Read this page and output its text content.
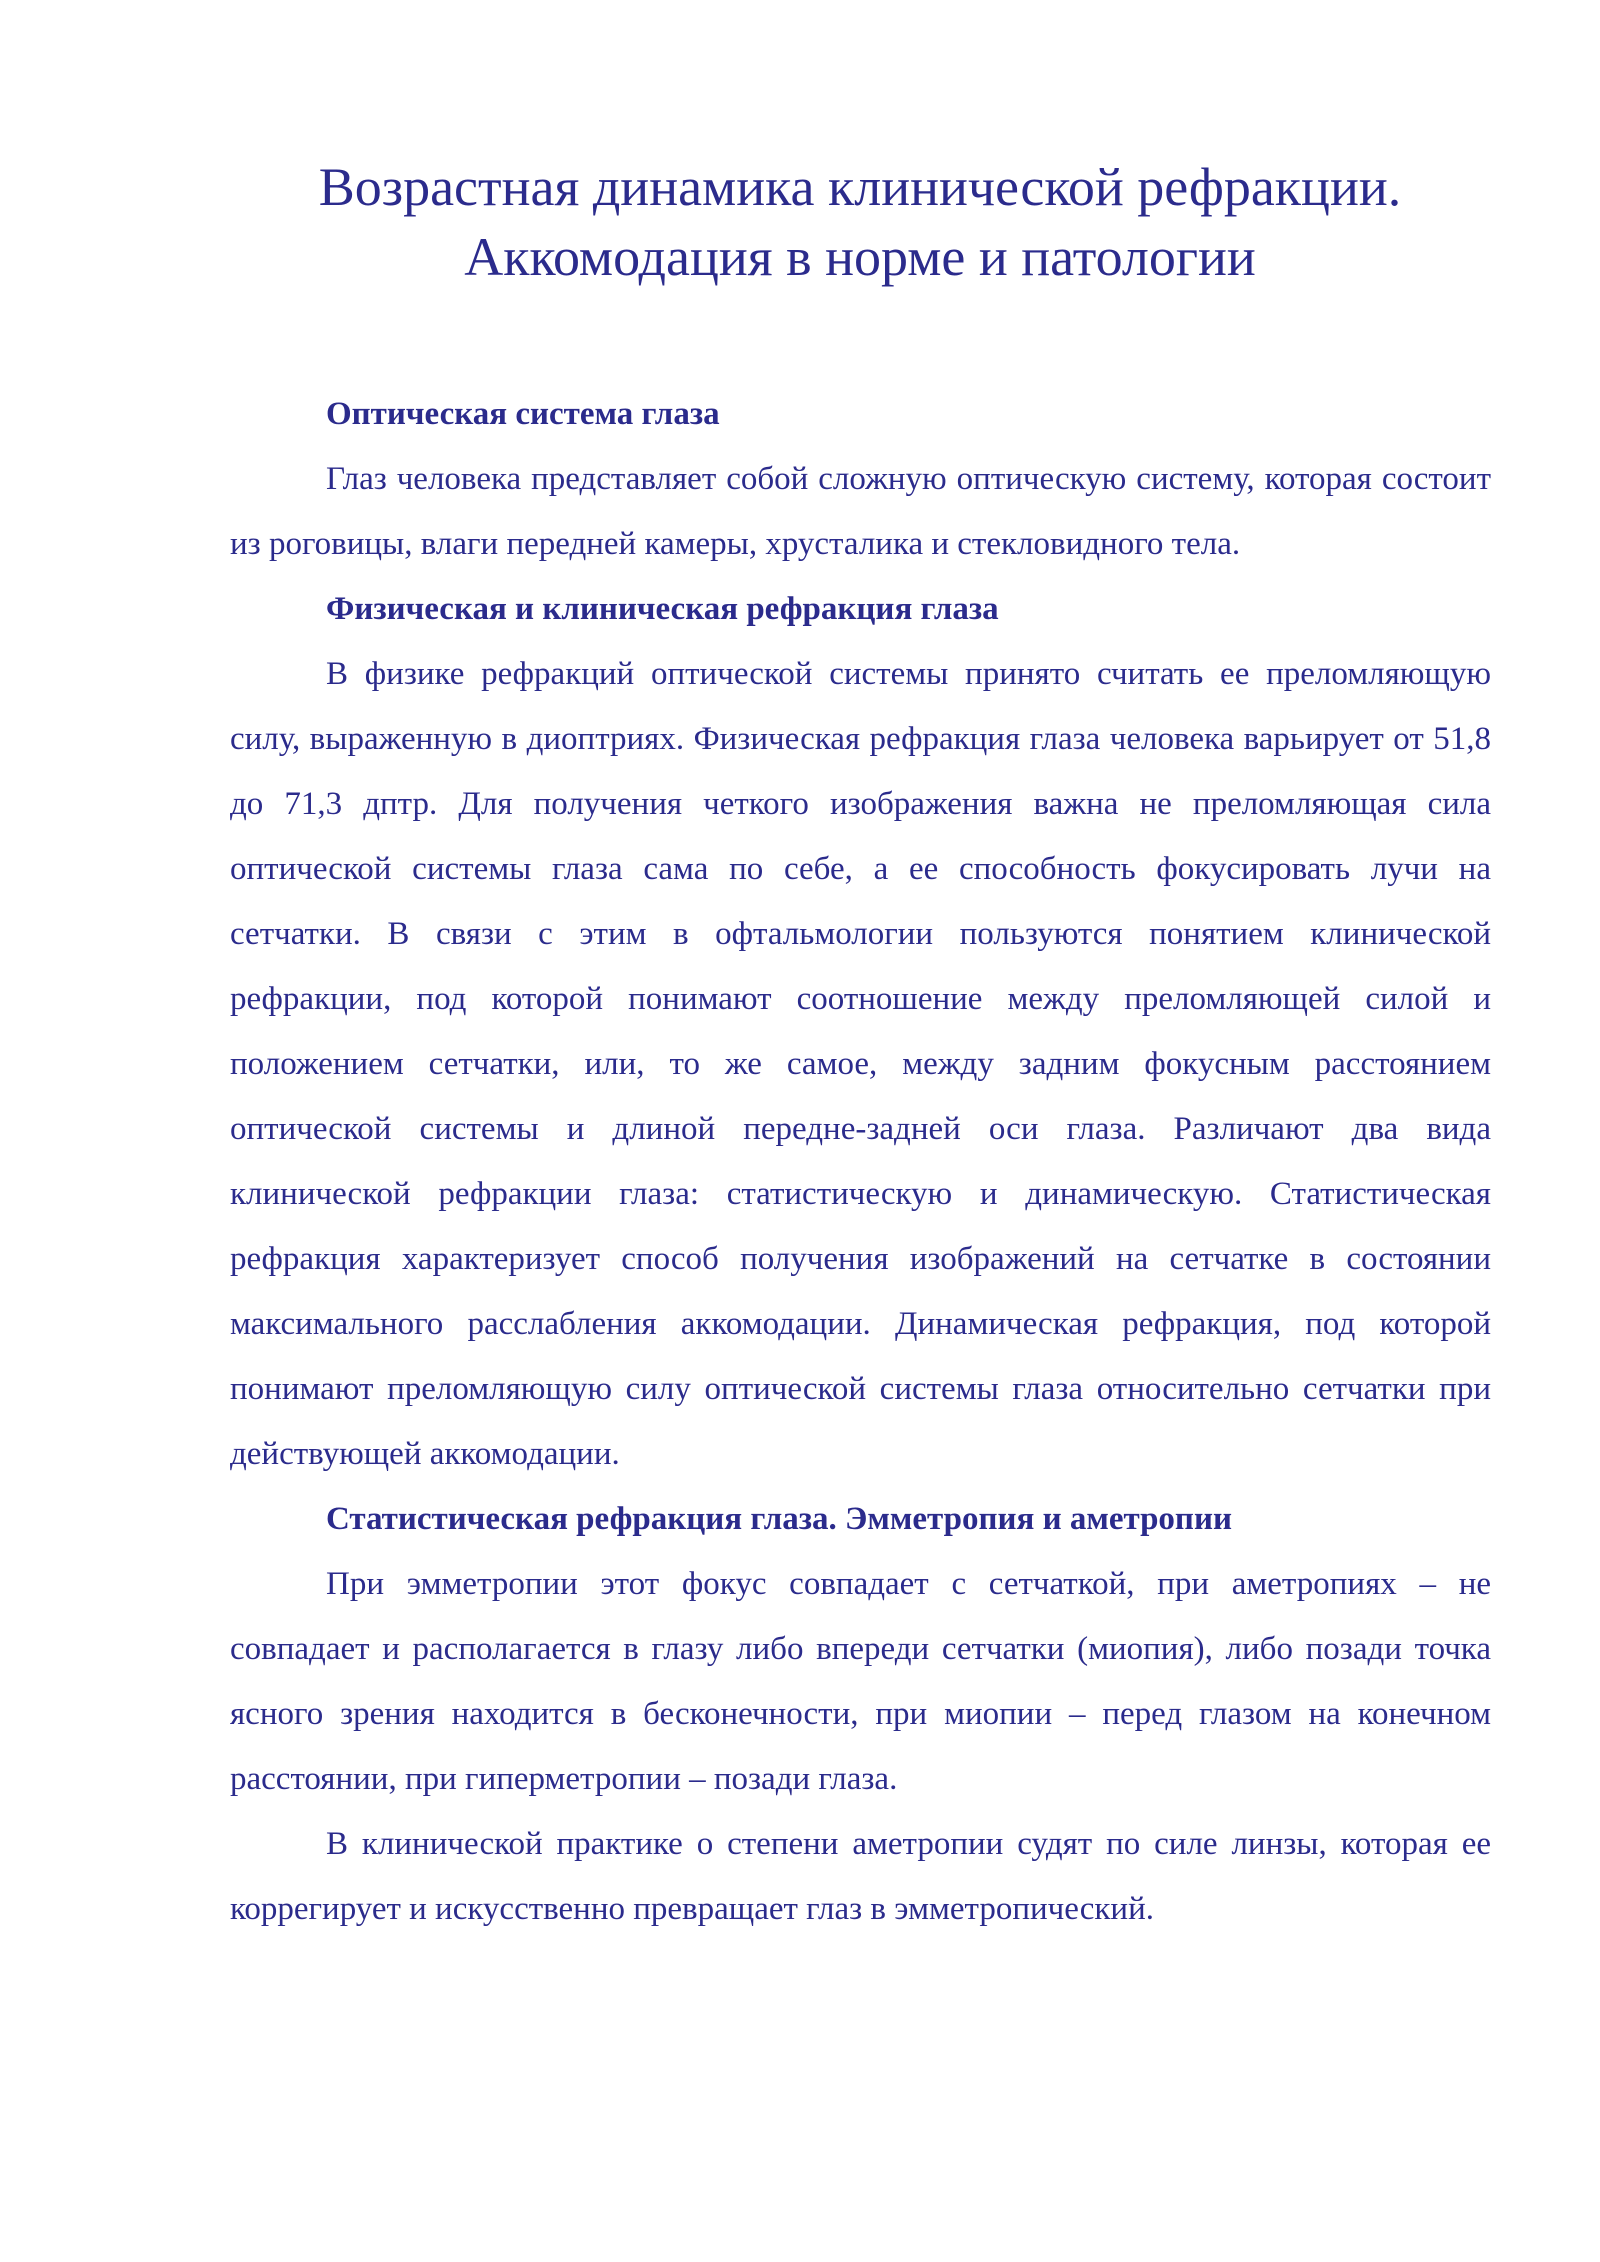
Возрастная динамика клинической рефракции.
Аккомодация в норме и патологии
Оптическая система глаза

Глаз человека представляет собой сложную оптическую систему, которая состоит из роговицы, влаги передней камеры, хрусталика и стекловидного тела.

Физическая и клиническая рефракция глаза

В физике рефракций оптической системы принято считать ее преломляющую силу, выраженную в диоптриях. Физическая рефракция глаза человека варьирует от 51,8 до 71,3 дптр. Для получения четкого изображения важна не преломляющая сила оптической системы глаза сама по себе, а ее способность фокусировать лучи на сетчатки. В связи с этим в офтальмологии пользуются понятием клинической рефракции, под которой понимают соотношение между преломляющей силой и положением сетчатки, или, то же самое, между задним фокусным расстоянием оптической системы и длиной передне-задней оси глаза. Различают два вида клинической рефракции глаза: статистическую и динамическую. Статистическая рефракция характеризует способ получения изображений на сетчатке в состоянии максимального расслабления аккомодации. Динамическая рефракция, под которой понимают преломляющую силу оптической системы глаза относительно сетчатки при действующей аккомодации.

Статистическая рефракция глаза. Эмметропия и аметропии

При эмметропии этот фокус совпадает с сетчаткой, при аметропиях – не совпадает и располагается в глазу либо впереди сетчатки (миопия), либо позади точка ясного зрения находится в бесконечности, при миопии – перед глазом на конечном расстоянии, при гиперметропии – позади глаза.

В клинической практике о степени аметропии судят по силе линзы, которая ее коррегирует и искусственно превращает глаз в эмметропический.
